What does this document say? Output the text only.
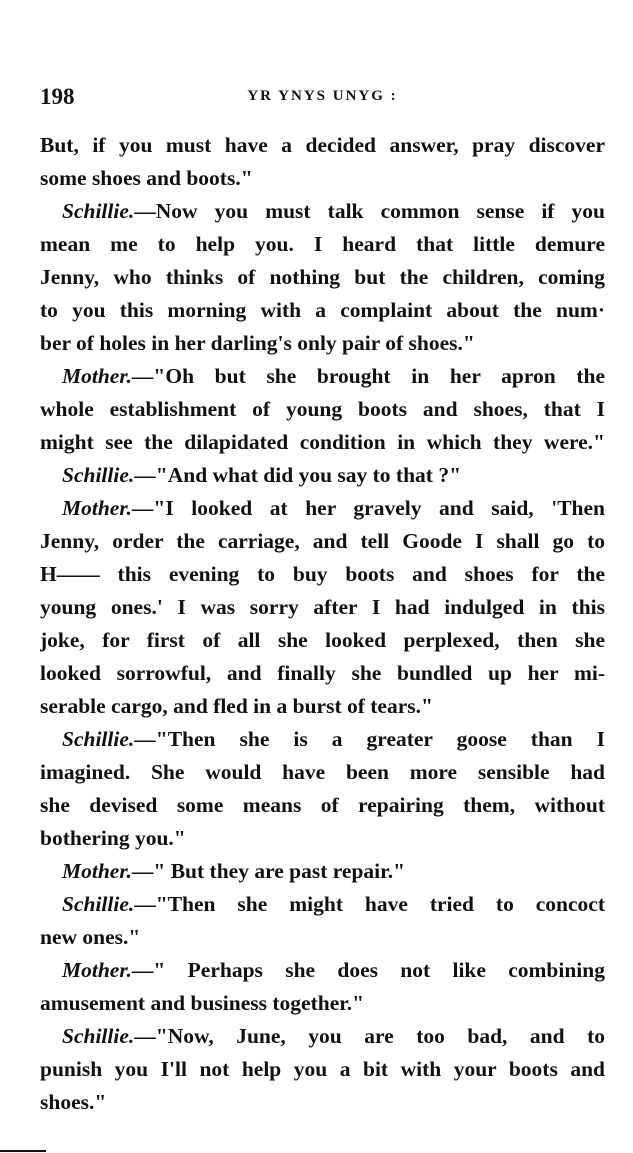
198	YR YNYS UNYG :
But, if you must have a decided answer, pray discover
some shoes and boots."
Schillie.—Now you must talk common sense if you
mean me to help you. I heard that little demure
Jenny, who thinks of nothing but the children, coming
to you this morning with a complaint about the num·
ber of holes in her darling's only pair of shoes."
Mother.—"Oh but she brought in her apron the
whole establishment of young boots and shoes, that I
might see the dilapidated condition in which they were."
Schillie.—"And what did you say to that ?"
Mother.—"I looked at her gravely and said, 'Then
Jenny, order the carriage, and tell Goode I shall go to
H—— this evening to buy boots and shoes for the
young ones.' I was sorry after I had indulged in this
joke, for first of all she looked perplexed, then she
looked sorrowful, and finally she bundled up her mi-
serable cargo, and fled in a burst of tears."
Schillie.—"Then she is a greater goose than I
imagined. She would have been more sensible had
she devised some means of repairing them, without
bothering you."
Mother.—" But they are past repair."
Schillie.—"Then she might have tried to concoct
new ones."
Mother.—" Perhaps she does not like combining
amusement and business together."
Schillie.—"Now, June, you are too bad, and to
punish you I'll not help you a bit with your boots and
shoes."
